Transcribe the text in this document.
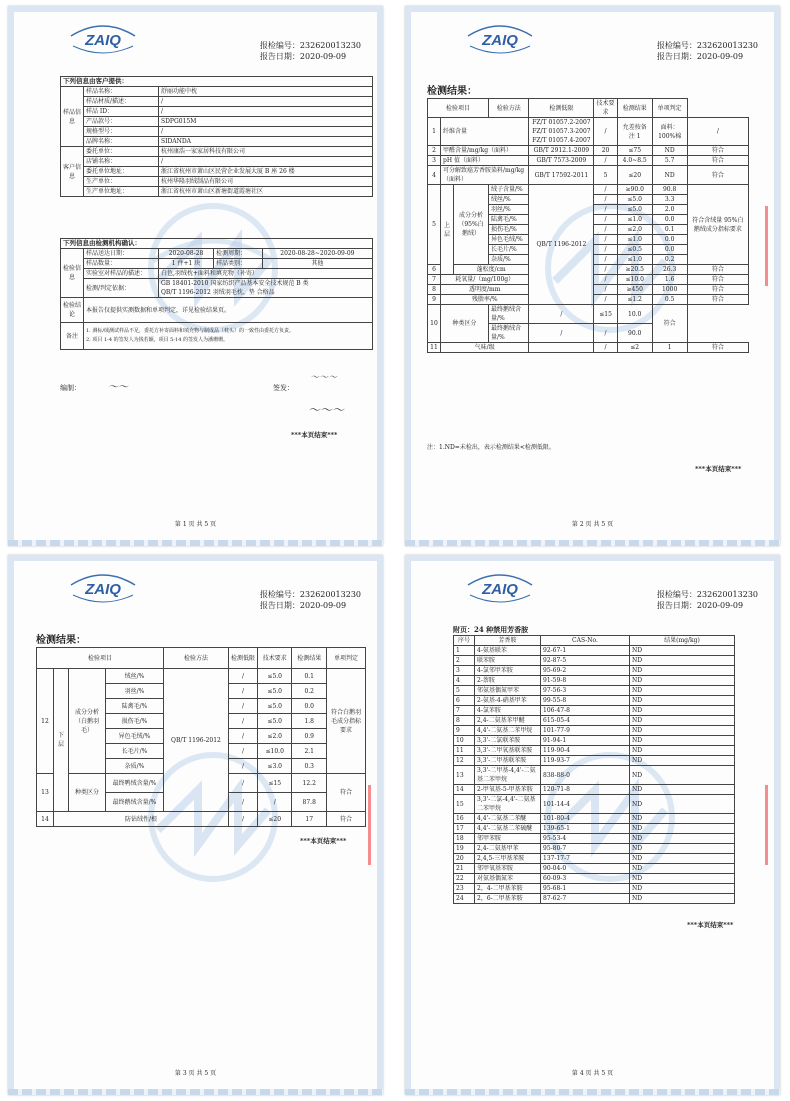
ZAIQ	报检编号：232620013230
报告日期：2020-09-09
下列信息由客户提供：		
样品信息	样品名称：	舒丽功能中枕
	样品材质/描述：	/
	样品 ID：	/
	产品款号：	SDPG015M
	规格型号：	/
	品牌名称：	SIDANDA
客户信息	委托单位：	杭州康浩一家家居科技有限公司
	店铺名称：	/
	委托单位地址：	浙江省杭州市萧山区民营企业发展大厦 B 座 26 楼
	生产单位：	杭州华隆羽绒制品有限公司
	生产单位地址：	浙江省杭州市萧山区新塘街道霞塘社区
下列信息由检测机构确认：				
检验信息	样品送达日期：	2020-08-28	检测周期：	2020-08-28~2020-09-09
	样品数量：	1 件+1 块	样品类别：	其他
	实验室对样品的描述：	白色,羽绒枕+面料和填充物（补寄）		
	检测/判定依据：	GB 18401-2010 国家纺织产品基本安全技术规范 B 类
QB/T 1196-2012 羽绒羽毛枕、垫 合格品		

检验结论	本报告仅提供实测数据和单项判定，详见检验结果页。			
备注	1. 测标/绒测试样品不足，委托方补寄面料和填充物与制成品（枕头）的一致性由委托方负责。
2. 项目 1-4 的签发人为钱若颖，项目 5-14 的签发人为潘珊珊。			
编制：	～～	签发：
～～～
～～～
***本页结束***
第 1 页 共 5 页
ZAIQ	报检编号：232620013230
报告日期：2020-09-09
检测结果：
检验项目			检验方法	检测低限	技术要求	检测结果	单项判定	
1	纤维含量			FZ/T 01057.2-2007
FZ/T 01057.3-2007
FZ/T 01057.4-2007	/	允差按备注 1	面料：
100%棉	/
2	甲醛含量/mg/kg（面料）			GB/T 2912.1-2009	20	≤75	ND	符合
3	pH 值（面料）			GB/T 7573-2009	/	4.0~8.5	5.7	符合
4	可分解致癌芳香胺染料/mg/kg（面料）			GB/T 17592-2011	5	≤20	ND	符合
5	上层	成分分析（95%白鹅绒）	绒子含量/%	QB/T 1196-2012	/	≥90.0	90.8	符合含绒量 95%白鹅绒成分指标要求
			绒丝/%		/	≤5.0	3.3	
			羽丝/%		/	≤5.0	2.0	
			陆禽毛/%		/	≤1.0	0.0	
			损伤毛/%		/	≤2.0	0.1	
			异色毛绒/%		/	≤1.0	0.0	
			长毛片/%		/	≤0.5	0.0	
			杂质/%		/	≤1.0	0.2	
6		蓬松度/cm			/	≥20.5	26.3	符合
7	耗氧量/（mg/100g）				/	≤10.0	1.6	符合
8	透明度/mm				/	≥450	1000	符合
9	残脂率/%				/	≤1.2	0.5	符合
10	种类区分		最终鹅绒含量/%	/	≤15	10.0	符合	
			最终鹅绒含量/%	/	/	90.0		
11	气味/级				/	≤2	1	符合
注：1.ND=未检出，表示检测结果<检测低限。
***本页结束***
第 2 页 共 5 页
ZAIQ	报检编号：232620013230
报告日期：2020-09-09
检测结果：
检验项目				检验方法	检测低限	技术要求	检测结果	单项判定
12	下层	成分分析（白鹅羽毛）	绒丝/%	QB/T 1196-2012	/	≤5.0	0.1	符合白鹅羽毛成分指标要求
			羽丝/%		/	≤5.0	0.2	
			陆禽毛/%		/	≤5.0	0.0	
			损伤毛/%		/	≤5.0	1.8	
			异色毛绒/%		/	≤2.0	0.9	
			长毛片/%		/	≤10.0	2.1	
			杂质/%		/	≤3.0	0.3	
13		种类区分	最终鸭绒含量/%		/	≤15	12.2	符合
			最终鹅绒含量/%		/	/	87.8	
14	防钻绒性/根				/	≤20	17	符合
***本页结束***
第 3 页 共 5 页
ZAIQ	报检编号：232620013230
报告日期：2020-09-09
附页：24 种禁用芳香胺
序号	芳香胺	CAS-No.	结果(mg/kg)
1	4-氨基联苯	92-67-1	ND
2	联苯胺	92-87-5	ND
3	4-氯邻甲苯胺	95-69-2	ND
4	2-萘胺	91-59-8	ND
5	邻氨基偶氮甲苯	97-56-3	ND
6	2-氨基-4-硝基甲苯	99-55-8	ND
7	4-氯苯胺	106-47-8	ND
8	2,4-二氨基苯甲醚	615-05-4	ND
9	4,4'-二氨基二苯甲烷	101-77-9	ND
10	3,3'-二氯联苯胺	91-94-1	ND
11	3,3'-二甲氧基联苯胺	119-90-4	ND
12	3,3'-二甲基联苯胺	119-93-7	ND
13	3,3'-二甲基-4,4'-二氨基二苯甲烷	838-88-0	ND
14	2-甲氧基-5-甲基苯胺	120-71-8	ND
15	3,3'-二氯-4,4'-二氨基二苯甲烷	101-14-4	ND
16	4,4'-二氨基二苯醚	101-80-4	ND
17	4,4'-二氨基二苯硫醚	139-65-1	ND
18	邻甲苯胺	95-53-4	ND
19	2,4-二氨基甲苯	95-80-7	ND
20	2,4,5-三甲基苯胺	137-17-7	ND
21	邻甲氧基苯胺	90-04-0	ND
22	对氨基偶氮苯	60-09-3	ND
23	2，4-二甲基苯胺	95-68-1	ND
24	2，6-二甲基苯胺	87-62-7	ND
***本页结束***
第 4 页 共 5 页
